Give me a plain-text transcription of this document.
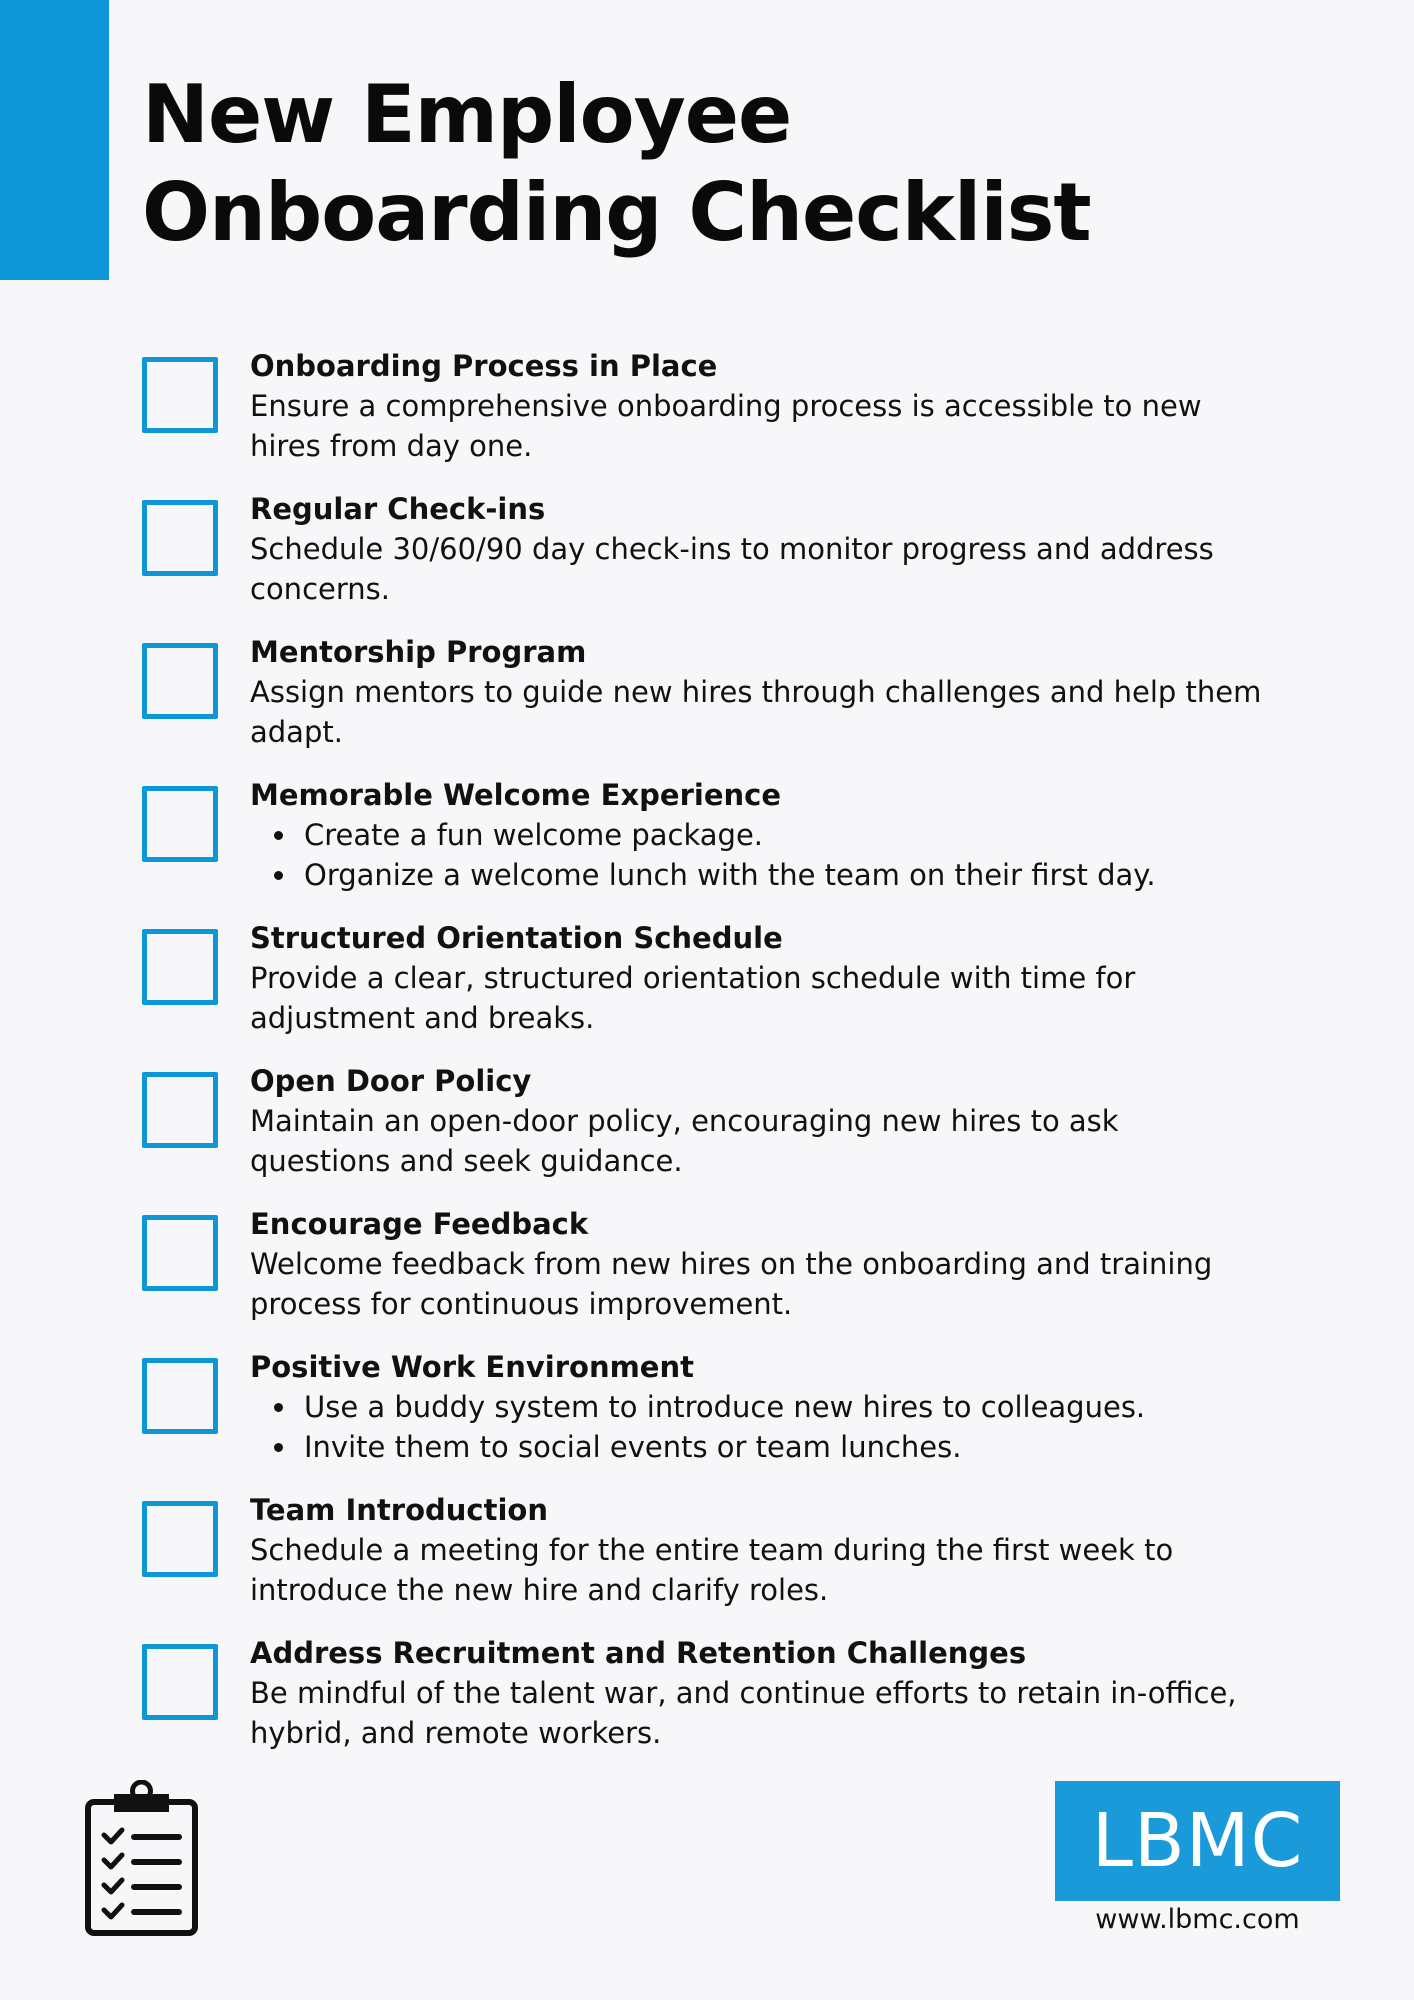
New Employee
Onboarding Checklist
Onboarding Process in Place
Ensure a comprehensive onboarding process is accessible to new
hires from day one.
Regular Check-ins
Schedule 30/60/90 day check-ins to monitor progress and address
concerns.
Mentorship Program
Assign mentors to guide new hires through challenges and help them
adapt.
Memorable Welcome Experience
Create a fun welcome package.
Organize a welcome lunch with the team on their first day.
Structured Orientation Schedule
Provide a clear, structured orientation schedule with time for
adjustment and breaks.
Open Door Policy
Maintain an open-door policy, encouraging new hires to ask
questions and seek guidance.
Encourage Feedback
Welcome feedback from new hires on the onboarding and training
process for continuous improvement.
Positive Work Environment
Use a buddy system to introduce new hires to colleagues.
Invite them to social events or team lunches.
Team Introduction
Schedule a meeting for the entire team during the first week to
introduce the new hire and clarify roles.
Address Recruitment and Retention Challenges
Be mindful of the talent war, and continue efforts to retain in-office,
hybrid, and remote workers.
LBMC
www.lbmc.com
